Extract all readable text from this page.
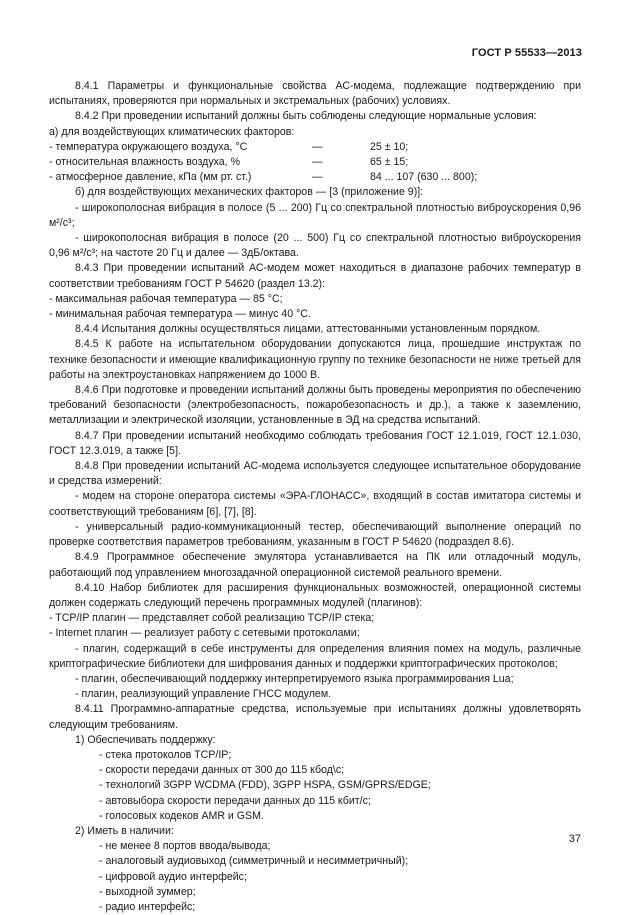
ГОСТ Р 55533—2013

8.4.1 Параметры и функциональные свойства АС-модема, подлежащие подтверждению при испытаниях, проверяются при нормальных и экстремальных (рабочих) условиях.

8.4.2 При проведении испытаний должны быть соблюдены следующие нормальные условия:

а) для воздействующих климатических факторов:

- температура окружающего воздуха, °С	—	25 ± 10;
- относительная влажность воздуха, %	—	65 ± 15;
- атмосферное давление, кПа (мм рт. ст.)	—	84 ... 107 (630 ... 800);

б) для воздействующих механических факторов — [3 (приложение 9)]:

- широкополосная вибрация в полосе (5 ... 200) Гц со спектральной плотностью виброускорения 0,96 м²/с³;

- широкополосная вибрация в полосе (20 ... 500) Гц со спектральной плотностью виброускорения 0,96 м²/с³; на частоте 20 Гц и далее — 3дБ/октава.

8.4.3 При проведении испытаний АС-модем может находиться в диапазоне рабочих температур в соответствии требованиям ГОСТ Р 54620 (раздел 13.2):

- максимальная рабочая температура — 85 °С;

- минимальная рабочая температура — минус 40 °С.

8.4.4 Испытания должны осуществляться лицами, аттестованными установленным порядком.

8.4.5 К работе на испытательном оборудовании допускаются лица, прошедшие инструктаж по технике безопасности и имеющие квалификационную группу по технике безопасности не ниже третьей для работы на электроустановках напряжением до 1000 В.

8.4.6 При подготовке и проведении испытаний должны быть проведены мероприятия по обеспечению требований безопасности (электробезопасность, пожаробезопасность и др.), а также к заземлению, металлизации и электрической изоляции, установленные в ЭД на средства испытаний.

8.4.7 При проведении испытаний необходимо соблюдать требования ГОСТ 12.1.019, ГОСТ 12.1.030, ГОСТ 12.3.019, а также [5].

8.4.8 При проведении испытаний АС-модема используется следующее испытательное оборудование и средства измерений:

- модем на стороне оператора системы «ЭРА-ГЛОНАСС», входящий в состав имитатора системы и соответствующий требованиям [6], [7], [8].

- универсальный радио-коммуникационный тестер, обеспечивающий выполнение операций по проверке соответствия параметров требованиям, указанным в ГОСТ Р 54620 (подраздел 8.6).

8.4.9 Программное обеспечение эмулятора устанавливается на ПК или отладочный модуль, работающий под управлением многозадачной операционной системой реального времени.

8.4.10 Набор библиотек для расширения функциональных возможностей, операционной системы должен содержать следующий перечень программных модулей (плагинов):

- TCP/IP плагин — представляет собой реализацию TCP/IP стека;

- Internet плагин — реализует работу с сетевыми протоколами;

- плагин, содержащий в себе инструменты для определения влияния помех на модуль, различные криптографические библиотеки для шифрования данных и поддержки криптографических протоколов;

- плагин, обеспечивающий поддержку интерпретируемого языка программирования Lua;

- плагин, реализующий управление ГНСС модулем.

8.4.11 Программно-аппаратные средства, используемые при испытаниях должны удовлетворять следующим требованиям.

1) Обеспечивать поддержку:

- стека протоколов TCP/IP;

- скорости передачи данных от 300 до 115 кбод\с;

- технологий 3GPP WCDMA (FDD), 3GPP HSPA, GSM/GPRS/EDGE;

- автовыбора скорости передачи данных до 115 кбит/с;

- голосовых кодеков AMR и GSM.

2) Иметь в наличии:

- не менее 8 портов ввода/вывода;

- аналоговый аудиовыход (симметричный и несимметричный);

- цифровой аудио интерфейс;

- выходной зуммер;

- радио интерфейс;

37
